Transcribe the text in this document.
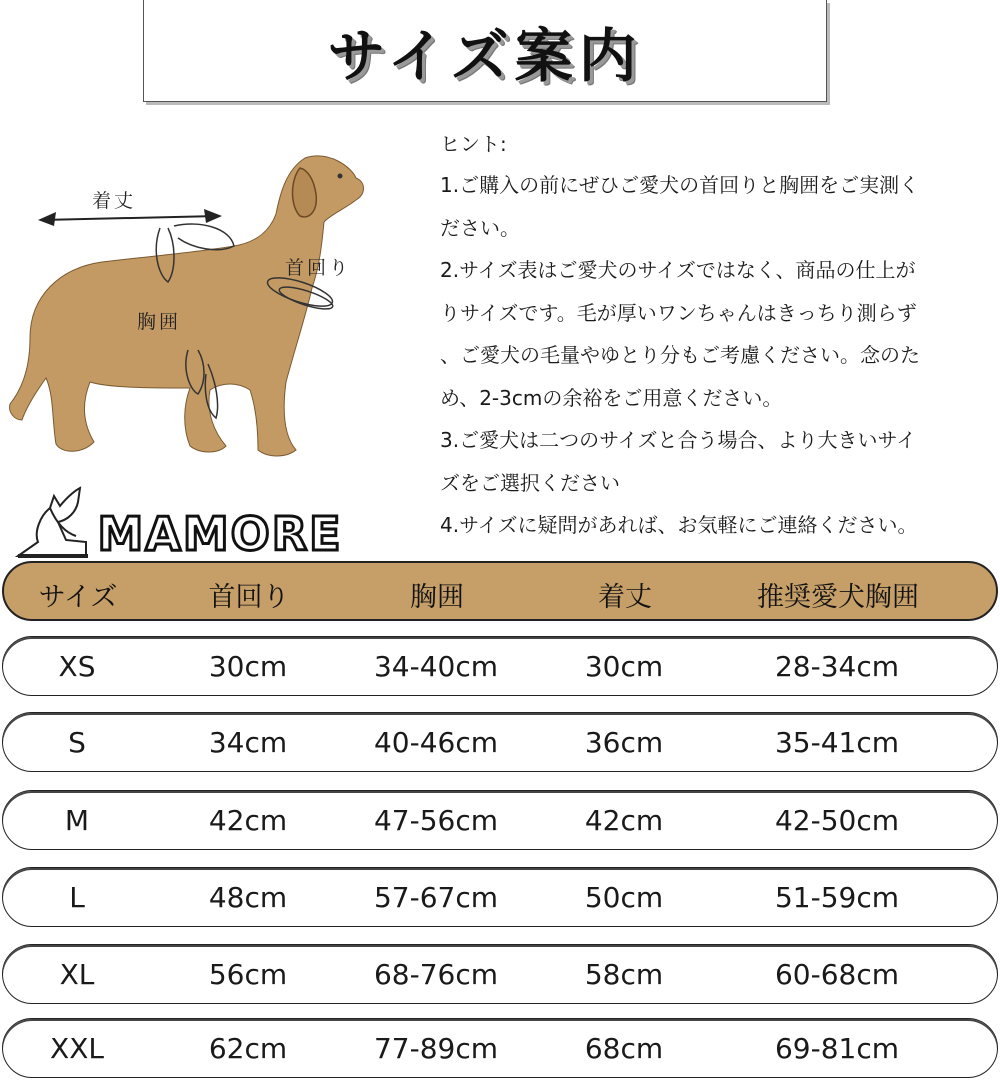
サイズ案内
着丈
首回り
胸囲
ヒント:
1.ご購入の前にぜひご愛犬の首回りと胸囲をご実測く
ださい。
2.サイズ表はご愛犬のサイズではなく、商品の仕上が
りサイズです。毛が厚いワンちゃんはきっちり測らず
、ご愛犬の毛量やゆとり分もご考慮ください。念のた
め、2-3cmの余裕をご用意ください。
3.ご愛犬は二つのサイズと合う場合、より大きいサイ
ズをご選択ください
4.サイズに疑問があれば、お気軽にご連絡ください。
MAMORE
サイズ	首回り	胸囲	着丈	推奨愛犬胸囲
XS	30cm	34-40cm	30cm	28-34cm
S	34cm	40-46cm	36cm	35-41cm
M	42cm	47-56cm	42cm	42-50cm
L	48cm	57-67cm	50cm	51-59cm
XL	56cm	68-76cm	58cm	60-68cm
XXL	62cm	77-89cm	68cm	69-81cm
